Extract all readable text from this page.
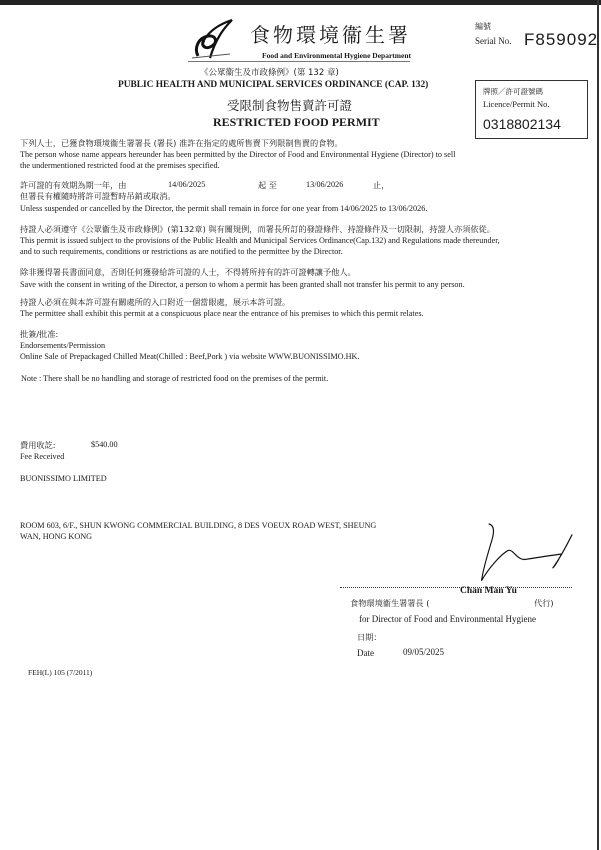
食物環境衞生署
Food and Environmental Hygiene Department
編號
Serial No. F859092
《公眾衞生及市政條例》(第 132 章)
PUBLIC HEALTH AND MUNICIPAL SERVICES ORDINANCE (CAP. 132)
牌照／許可證號碼
Licence/Permit No.
0318802134
受限制食物售賣許可證
RESTRICTED FOOD PERMIT
下列人士，已獲食物環境衞生署署長 (署長) 准許在指定的處所售賣下列限制售賣的食物。
The person whose name appears hereunder has been permitted by the Director of Food and Environmental Hygiene (Director) to sell
the undermentioned restricted food at the premises specified.
許可證的有效期為期一年，由	14/06/2025	起 至	13/06/2026	止，
但署長有權隨時將許可證暫時吊銷或取消。
Unless suspended or cancelled by the Director, the permit shall remain in force for one year from 14/06/2025 to 13/06/2026.
持證人必須遵守《公眾衞生及市政條例》(第132章) 與有關規例，而署長所訂的發證條件、持證條件及一切限制，持證人亦須依從。
This permit is issued subject to the provisions of the Public Health and Municipal Services Ordinance(Cap.132) and Regulations made thereunder,
and to such requirements, conditions or restrictions as are notified to the permittee by the Director.
除非獲得署長書面同意，否則任何獲發給許可證的人士，不得將所持有的許可證轉讓予他人。
Save with the consent in writing of the Director, a person to whom a permit has been granted shall not transfer his permit to any person.
持證人必須在與本許可證有關處所的入口附近一個當眼處，展示本許可證。
The permittee shall exhibit this permit at a conspicuous place near the entrance of his premises to which this permit relates.
批簽/批准:
Endorsements/Permission
Online Sale of Prepackaged Chilled Meat(Chilled : Beef,Pork ) via website WWW.BUONISSIMO.HK.
Note : There shall be no handling and storage of restricted food on the premises of the permit.
費用收訖:	$540.00
Fee Received
BUONISSIMO LIMITED
ROOM 603, 6/F., SHUN KWONG COMMERCIAL BUILDING, 8 DES VOEUX ROAD WEST, SHEUNG
WAN, HONG KONG
食物環境衞生署署長 (
Chan Man Yu
代行)
for Director of Food and Environmental Hygiene
日期：
Date	09/05/2025
FEH(L) 105 (7/2011)
